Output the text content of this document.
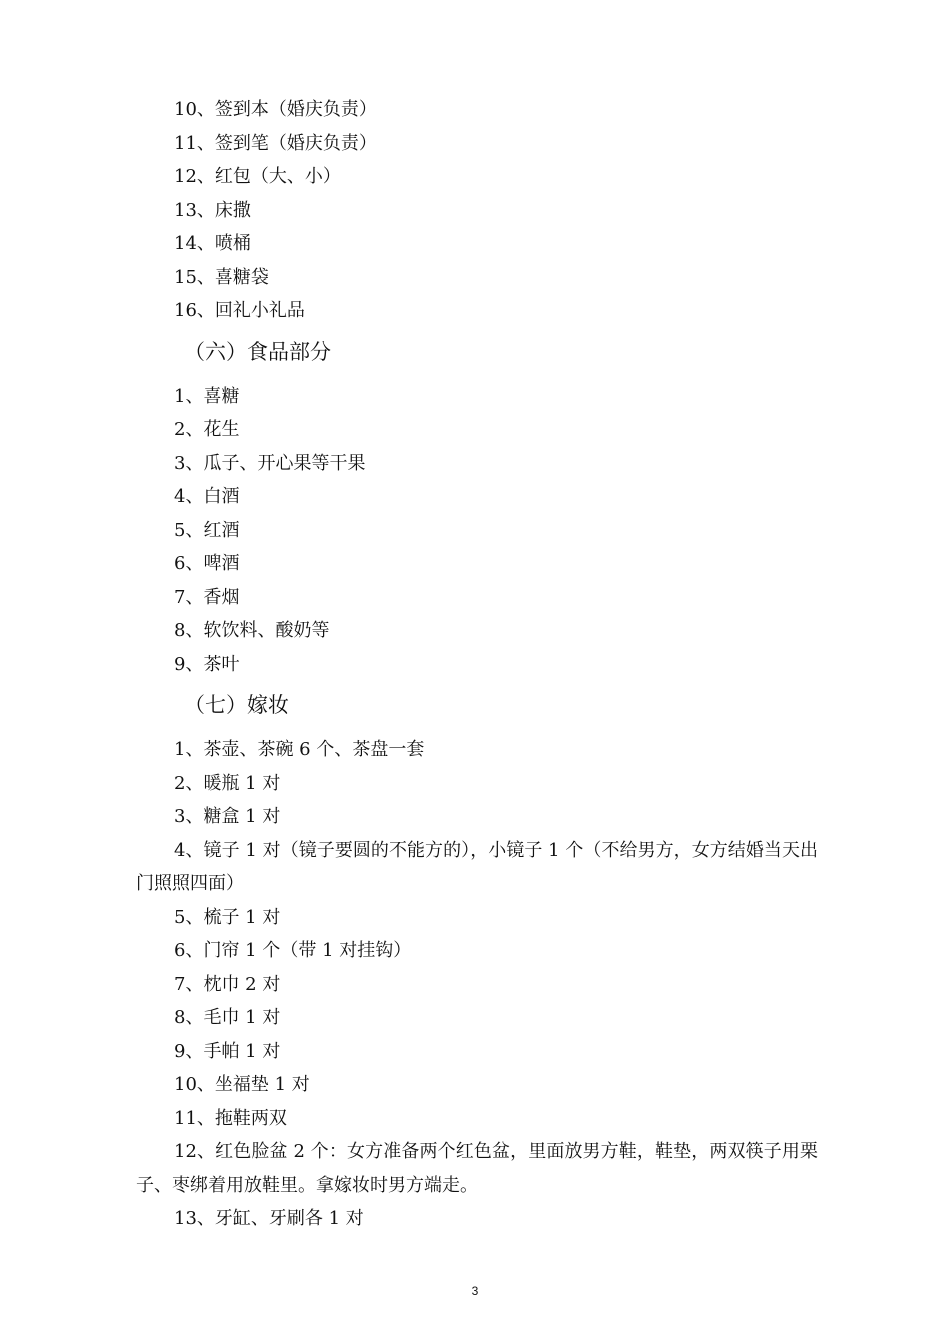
10、签到本（婚庆负责）
11、签到笔（婚庆负责）
12、红包（大、小）
13、床撒
14、喷桶
15、喜糖袋
16、回礼小礼品
（六）食品部分
1、喜糖
2、花生
3、瓜子、开心果等干果
4、白酒
5、红酒
6、啤酒
7、香烟
8、软饮料、酸奶等
9、茶叶
（七）嫁妆
1、茶壶、茶碗 6 个、茶盘一套
2、暖瓶 1 对
3、糖盒 1 对
4、镜子 1 对（镜子要圆的不能方的），小镜子 1 个（不给男方，女方结婚当天出门照照四面）
5、梳子 1 对
6、门帘 1 个（带 1 对挂钩）
7、枕巾 2 对
8、毛巾 1 对
9、手帕 1 对
10、坐福垫 1 对
11、拖鞋两双
12、红色脸盆 2 个：女方准备两个红色盆，里面放男方鞋，鞋垫，两双筷子用栗子、枣绑着用放鞋里。拿嫁妆时男方端走。
13、牙缸、牙刷各 1 对
3
